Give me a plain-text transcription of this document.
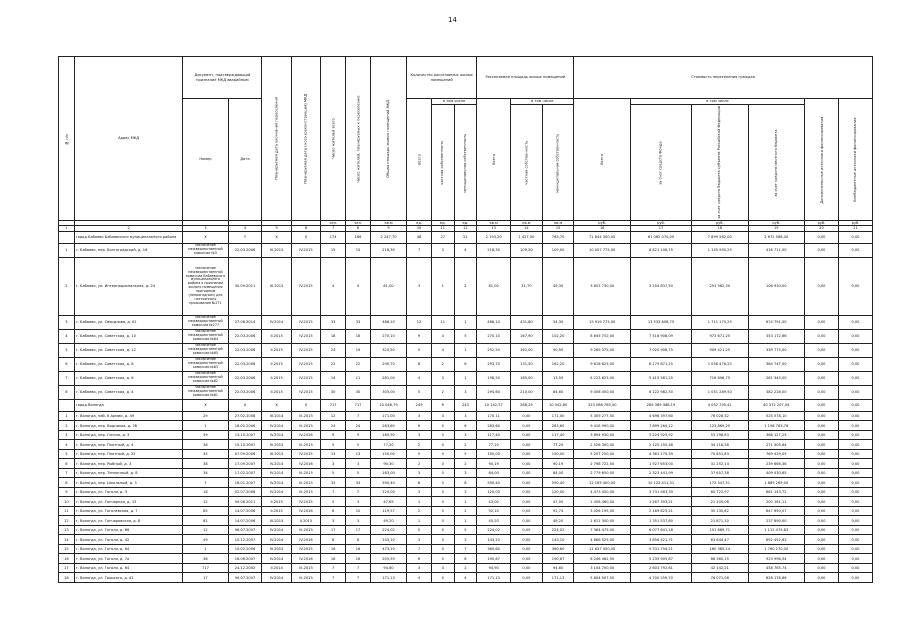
14
№ п/п	Адрес МКД	Документ, подтверждающий признание МКД аварийным		Планируемая дата окончания переселения	Планируемая дата сноса (реконструкции) МКД	Число жителей всего	Число жителей, планируемых к переселению	Общая площадь жилых помещений МКД	Количество расселяемых жилых помещений			Расселяемая площадь жилых помещений			Стоимость переселения граждан					
		Номер	Дата						Всего	в том числе		Всего	в том числе		Всего	в том числе			Дополнительные источники финансирования	Внебюджетные источники финансирования
										частная собственность	муниципальная собственность		частная собственность	муниципальная собственность		за счет средств Фонда	за счет средств бюджета субъекта Российской Федерации	за счет средств местного бюджета		
						чел.	чел.	кв.м	ед.	ед.	ед.	кв.м	кв.м	кв.м	руб.	руб.	руб.	руб.	руб.	руб.
1	2	3	4	5	6	7	8	9	10	11	12	13	14	15	16	17	18	19	20	21
	город Бабаево Бабаевского муниципального района	X	Y	X	X	174	166	2 247,70	48	27	21	2 193,20	1 427,50	765,70	71 844 300,00	61 062 070,00	7 899 562,00	2 872 588,00	0,00	0,00
1	г. Бабаево, пер. Волгоградский, д. 16	заключение межведомственной комиссии №5	22.03.2006	III.2015	IV.2015	15	15	218,30	7	3	4	218,30	109,20	109,00	10 007 775,00	8 821 106,75	1 145 995,25	416 711,00	0,00	0,00
2	г. Бабаево, ул. Интернациональная, д. 24	заключение межведомственной комиссии Бабаевского муниципального района о признании жилого помещения пригодным (непригодным) для постоянного проживания №271	30.09.2011	III.2015	IV.2015	4	4	81,00	3	1	2	81,00	31,70	49,30	3 653 730,00	3 254 837,50	291 962,50	106 930,00	0,00	0,00
3	г. Бабаево, ул. Свердлова, д. 61	заключение межведомственной комиссии №277	27.06.2014	IV.2014	IV.2015	33	33	486,10	12	11	1	486,10	431,80	54,30	15 919 775,00	13 533 808,75	1 711 175,25	674 791,00	0,00	0,00
4	г. Бабаево, ул. Советская, д. 10	заключение межведомственной комиссии №64	22.03.2006	II.2015	IV.2015	18	18	270,10	9	4	5	270,10	167,90	102,20	8 845 752,00	7 518 908,09	973 671,25	353 172,66	0,00	0,00
5	г. Бабаево, ул. Советская, д. 12	заключение межведомственной комиссии №65	22.03.2006	II.2015	IV.2015	24	19	325,50	5	4	1	252,50	162,00	90,50	9 269 375,00	7 020 906,75	909 421,25	339 775,00	0,00	0,00
6	г. Бабаево, ул. Советская, д. 8	заключение межведомственной комиссии №63	22.03.2006	II.2015	IV.2015	22	22	290,70	8	2	6	293,70	131,50	162,20	9 618 625,00	8 175 871,25	1 058 476,25	384 747,00	0,00	0,00
7	г. Бабаево, ул. Советская, д. 6	заключение межведомственной комиссии №62	22.03.2006	II.2015	IV.2015	14	11	281,00	4	3	1	198,50	185,00	13,50	6 223 625,00	5 415 581,25	716 696,75	261 345,00	0,00	0,00
8	г. Бабаево, ул. Советская, д. 4	заключение межведомственной комиссии №61	22.03.2006	II.2015	IV.2015	30	30	305,00	5	2	3	294,60	210,00	84,60	9 456 450,00	8 122 982,50	1 051 289,50	382 228,00	0,00	0,00
	город Вологда	X	X	X	X	717	717	10 046,79	249	6	243	10 142,57	288,29	10 042,80	323 086 785,00	289 369 388,19	4 052 795,41	40 372 207,04	0,00	0,00
1	г. Вологда, наб. 6 Армии, д. 49	29	27.02.2008	III.2014	III.2015	12	7	171,00	3	0	3	170,11	0,00	171,00	5 309 277,50	4 696 397,60	76 028,32	525 578,10	0,00	0,00
2	г. Вологда, пер. Водников, д. 2б	1	16.02.2006	IV.2014	III.2015	24	24	283,60	6	0	6	283,60	0,00	283,60	9 418 990,00	7 899 264,12	123 869,20	1 198 783,78	0,00	0,00
3	г. Вологда, пер. Гоголя, д. 3	39	13.10.2007	IV.2014	IV.2016	9	9	180,90	3	0	3	117,40	0,00	117,40	3 894 930,00	3 224 925,92	53 198,83	368 127,25	0,00	0,00
4	г. Вологда, пер. Плотный, д. 4	38	15.10.2007	III.2015	III.2015	5	5	77,20	2	0	2	77,20	0,00	77,20	2 526 300,00	2 125 150,48	34 118,38	271 305,64	0,00	0,00
5	г. Вологда, пер. Плотный, д. 22	35	07.09.2006	III.2015	IV.2015	13	13	150,00	5	0	5	150,00	0,00	150,00	5 207 250,00	4 361 170,39	70 651,83	769 429,05	0,00	0,00
6	г. Вологда, пер. Рыбный, д. 3	38	17.09.2007	IV.2014	IV.2016	3	3	90,30	2	0	2	90,19	0,00	90,19	2 798 722,50	1 927 653,00	31 252,14	239 666,36	0,00	0,00
7	г. Вологда, пер. Тепличный, д. 8	34	17.02.2007	IV.2014	III.2015	5	5	163,00	3	0	3	84,00	0,00	84,00	2 779 650,00	2 323 441,99	37 657,38	409 430,65	0,00	0,00
8	г. Вологда, пер. Школьный, д. 3	7	16.01.2007	IV.2014	III.2015	33	33	590,40	8	0	8	590,40	0,00	590,40	12 185 400,00	10 122 411,31	172 347,51	1 889 269,00	0,00	0,00
9	г. Вологда, ул. Гоголя, д. 3	18	02.07.2006	IV.2014	III.2015	7	7	120,00	3	0	3	120,00	0,00	120,00	4 473 450,00	3 731 583,39	60 722,97	661 143,72	0,00	0,00
10	г. Вологда, ул. Гончарная, д. 15	12	09.06.2011	II.2015	IV.2015	5	3	47,65	1	0	1	43,00	0,00	47,00	1 458 460,00	1 267 393,21	21 100,06	200 161,11	0,00	0,00
11	г. Вологда, ул. Гоголевская, д. 7	85	14.07.2006	II.2015	IV.2016	6	10	119,57	2	0	2	92,10	0,00	92,74	3 026 195,00	2 169 623,21	35 130,62	647 650,07	0,00	0,00
12	г. Вологда, ул. Гончаровская, д. 8	81	14.07.2006	III.2015	II.2015	3	3	49,20	1	0	1	45,20	0,00	49,20	1 611 300,00	1 351 537,80	21 871,10	237 890,00	0,00	0,00
13	г. Вологда, ул. Гоголя, д. 66	12	06.07.2007	IV.2014	III.2015	17	17	224,02	5	0	5	224,02	0,00	224,02	7 364 475,00	6 077 641,18	101 669,71	1 112 479,83	0,00	0,00
14	г. Вологда, ул. Гоголя, д. 42	49	15.12.2007	IV.2014	IV.2016	8	8	143,10	3	0	3	143,10	0,00	143,10	4 686 525,00	3 856 421,71	63 644,47	692 452,63	0,00	0,00
15	г. Вологда, ул. Гоголя, д. 64	1	10.02.2006	III.2015	IV.2015	16	16	473,10	7	0	7	360,60	0,00	360,60	11 637 450,00	9 531 794,21	160 365,14	1 760 270,00	0,00	0,00
16	г. Вологда, ул. Гоголя, д. 7а	36	16.06.2007	IV.2014	IV.2016	16	16	205,59	6	0	6	190,67	0,00	190,67	6 246 462,50	5 235 905,87	86 360,15	923 996,54	0,00	0,00
17	г. Вологда, ул. Гоголя, д. 64	717	24.12.2002	II.2014	III.2015	7	7	94,80	3	0	2	94,90	0,00	94,80	3 104 700,00	2 603 792,61	42 142,21	458 765,74	0,00	0,00
18	г. Вологда, ул. Горького, д. 41	17	09.07.2007	IV.2014	III.2015	7	7	171,13	4	0	4	171,13	0,00	171,13	5 604 507,50	4 700 259,70	76 071,08	828 176,86	0,00	0,00
